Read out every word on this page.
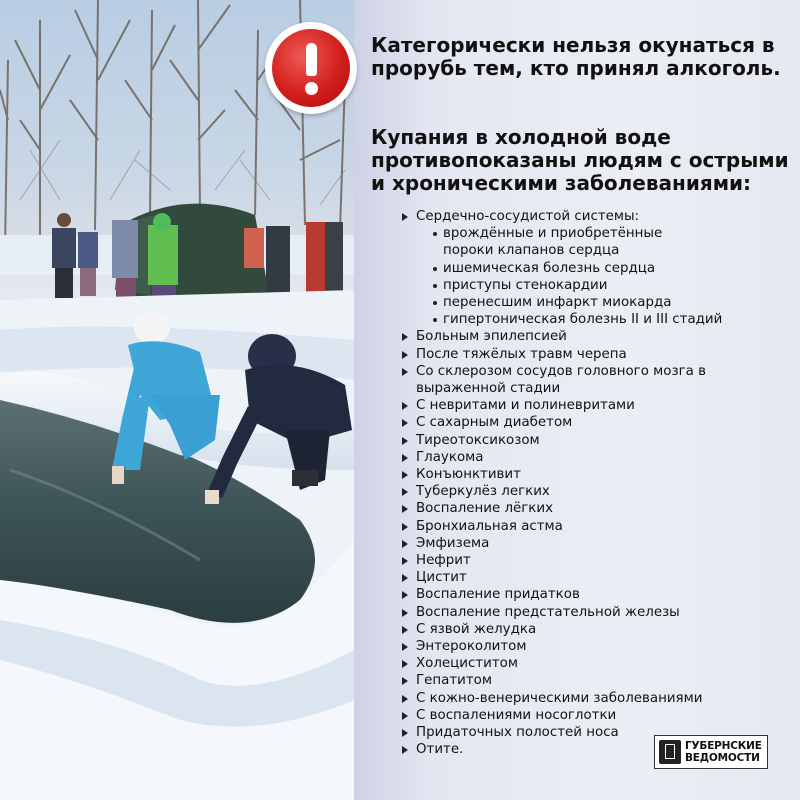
Категорически нельзя окунаться в прорубь тем, кто принял алкоголь.

Купания в холодной воде противопоказаны людям с острыми и хроническими заболеваниями:

Сердечно-сосудистой системы:
врождённые и приобретённые пороки клапанов сердца
ишемическая болезнь сердца
приступы стенокардии
перенесшим инфаркт миокарда
гипертоническая болезнь II и III стадий
Больным эпилепсией
После тяжёлых травм черепа
Со склерозом сосудов головного мозга в выраженной стадии
С невритами и полиневритами
С сахарным диабетом
Тиреотоксикозом
Глаукома
Конъюнктивит
Туберкулёз легких
Воспаление лёгких
Бронхиальная астма
Эмфизема
Нефрит
Цистит
Воспаление придатков
Воспаление предстательной железы
С язвой желудка
Энтероколитом
Холециститом
Гепатитом
С кожно-венерическими заболеваниями
С воспалениями носоглотки
Придаточных полостей носа
Отите.	ГУБЕРНСКИЕ
ВЕДОМОСТИ
